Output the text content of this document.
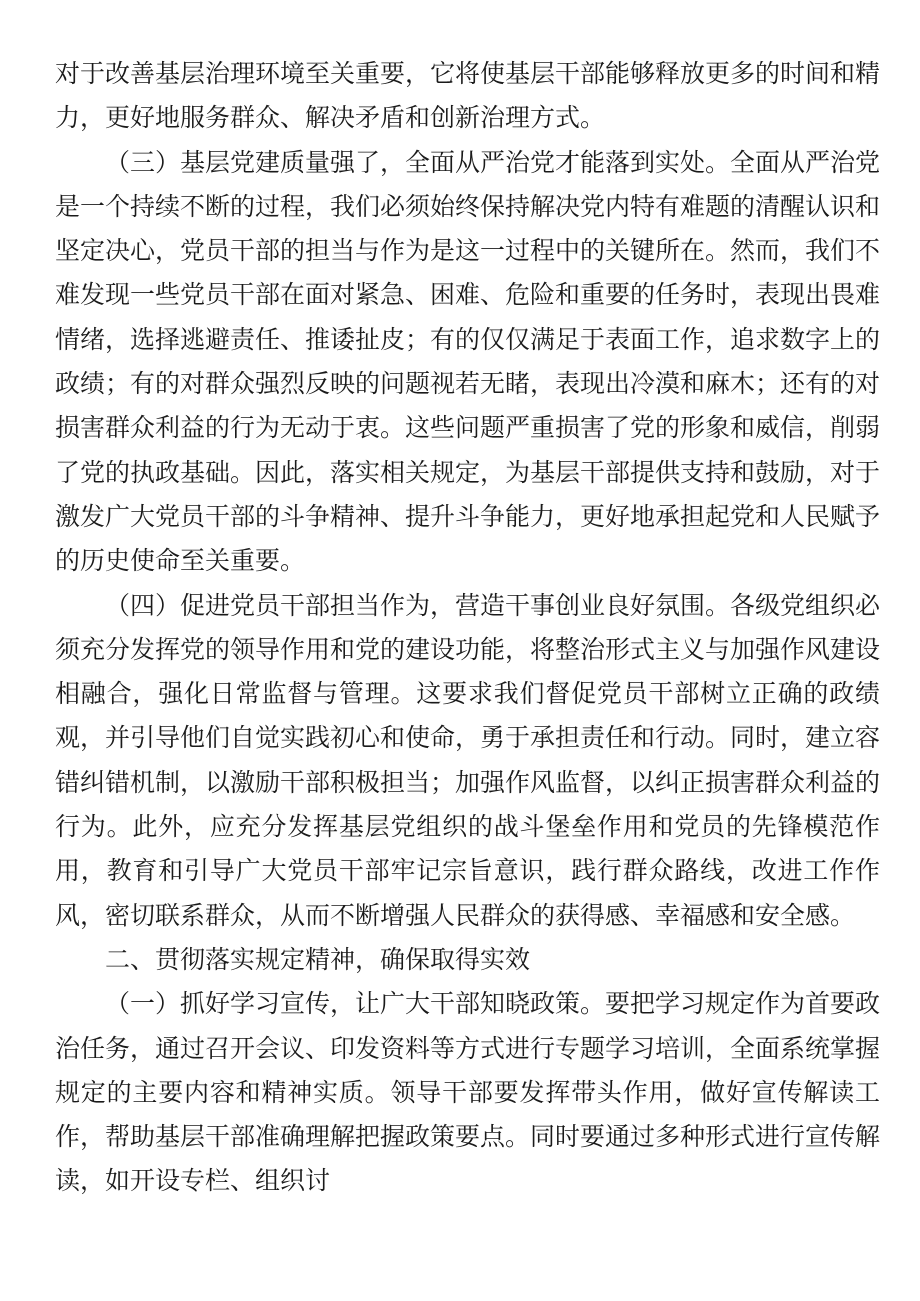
对于改善基层治理环境至关重要，它将使基层干部能够释放更多的时间和精力，更好地服务群众、解决矛盾和创新治理方式。

（三）基层党建质量强了，全面从严治党才能落到实处。全面从严治党是一个持续不断的过程，我们必须始终保持解决党内特有难题的清醒认识和坚定决心，党员干部的担当与作为是这一过程中的关键所在。然而，我们不难发现一些党员干部在面对紧急、困难、危险和重要的任务时，表现出畏难情绪，选择逃避责任、推诿扯皮；有的仅仅满足于表面工作，追求数字上的政绩；有的对群众强烈反映的问题视若无睹，表现出冷漠和麻木；还有的对损害群众利益的行为无动于衷。这些问题严重损害了党的形象和威信，削弱了党的执政基础。因此，落实相关规定，为基层干部提供支持和鼓励，对于激发广大党员干部的斗争精神、提升斗争能力，更好地承担起党和人民赋予的历史使命至关重要。

（四）促进党员干部担当作为，营造干事创业良好氛围。各级党组织必须充分发挥党的领导作用和党的建设功能，将整治形式主义与加强作风建设相融合，强化日常监督与管理。这要求我们督促党员干部树立正确的政绩观，并引导他们自觉实践初心和使命，勇于承担责任和行动。同时，建立容错纠错机制，以激励干部积极担当；加强作风监督，以纠正损害群众利益的行为。此外，应充分发挥基层党组织的战斗堡垒作用和党员的先锋模范作用，教育和引导广大党员干部牢记宗旨意识，践行群众路线，改进工作作风，密切联系群众，从而不断增强人民群众的获得感、幸福感和安全感。

二、贯彻落实规定精神，确保取得实效

（一）抓好学习宣传，让广大干部知晓政策。要把学习规定作为首要政治任务，通过召开会议、印发资料等方式进行专题学习培训，全面系统掌握规定的主要内容和精神实质。领导干部要发挥带头作用，做好宣传解读工作，帮助基层干部准确理解把握政策要点。同时要通过多种形式进行宣传解读，如开设专栏、组织讨
